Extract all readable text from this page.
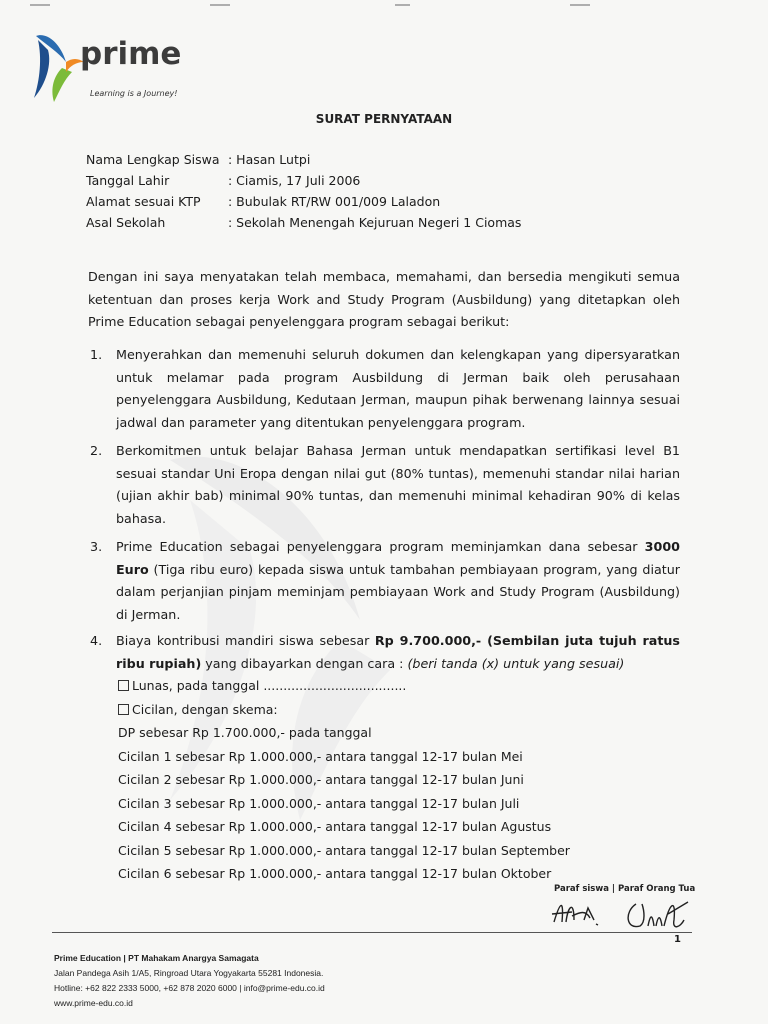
prime
Learning is a Journey!
SURAT PERNYATAAN
Nama Lengkap Siswa : Hasan Lutpi
Tanggal Lahir	: Ciamis, 17 Juli 2006
Alamat sesuai KTP : Bubulak RT/RW 001/009 Laladon
Asal Sekolah	: Sekolah Menengah Kejuruan Negeri 1 Ciomas
Dengan ini saya menyatakan telah membaca, memahami, dan bersedia mengikuti semua ketentuan dan proses kerja Work and Study Program (Ausbildung) yang ditetapkan oleh Prime Education sebagai penyelenggara program sebagai berikut:
1. Menyerahkan dan memenuhi seluruh dokumen dan kelengkapan yang dipersyaratkan untuk melamar pada program Ausbildung di Jerman baik oleh perusahaan penyelenggara Ausbildung, Kedutaan Jerman, maupun pihak berwenang lainnya sesuai jadwal dan parameter yang ditentukan penyelenggara program.
2. Berkomitmen untuk belajar Bahasa Jerman untuk mendapatkan sertifikasi level B1 sesuai standar Uni Eropa dengan nilai gut (80% tuntas), memenuhi standar nilai harian (ujian akhir bab) minimal 90% tuntas, dan memenuhi minimal kehadiran 90% di kelas bahasa.
3. Prime Education sebagai penyelenggara program meminjamkan dana sebesar 3000 Euro (Tiga ribu euro) kepada siswa untuk tambahan pembiayaan program, yang diatur dalam perjanjian pinjam meminjam pembiayaan Work and Study Program (Ausbildung) di Jerman.
4. Biaya kontribusi mandiri siswa sebesar Rp 9.700.000,- (Sembilan juta tujuh ratus ribu rupiah) yang dibayarkan dengan cara : (beri tanda (x) untuk yang sesuai)
Lunas, pada tanggal ....................................
Cicilan, dengan skema:
DP sebesar Rp 1.700.000,- pada tanggal
Cicilan 1 sebesar Rp 1.000.000,- antara tanggal 12-17 bulan Mei
Cicilan 2 sebesar Rp 1.000.000,- antara tanggal 12-17 bulan Juni
Cicilan 3 sebesar Rp 1.000.000,- antara tanggal 12-17 bulan Juli
Cicilan 4 sebesar Rp 1.000.000,- antara tanggal 12-17 bulan Agustus
Cicilan 5 sebesar Rp 1.000.000,- antara tanggal 12-17 bulan September
Cicilan 6 sebesar Rp 1.000.000,- antara tanggal 12-17 bulan Oktober
Paraf siswa | Paraf Orang Tua
1
Prime Education | PT Mahakam Anargya Samagata
Jalan Pandega Asih 1/A5, Ringroad Utara Yogyakarta 55281 Indonesia.
Hotline: +62 822 2333 5000, +62 878 2020 6000 | info@prime-edu.co.id
www.prime-edu.co.id
